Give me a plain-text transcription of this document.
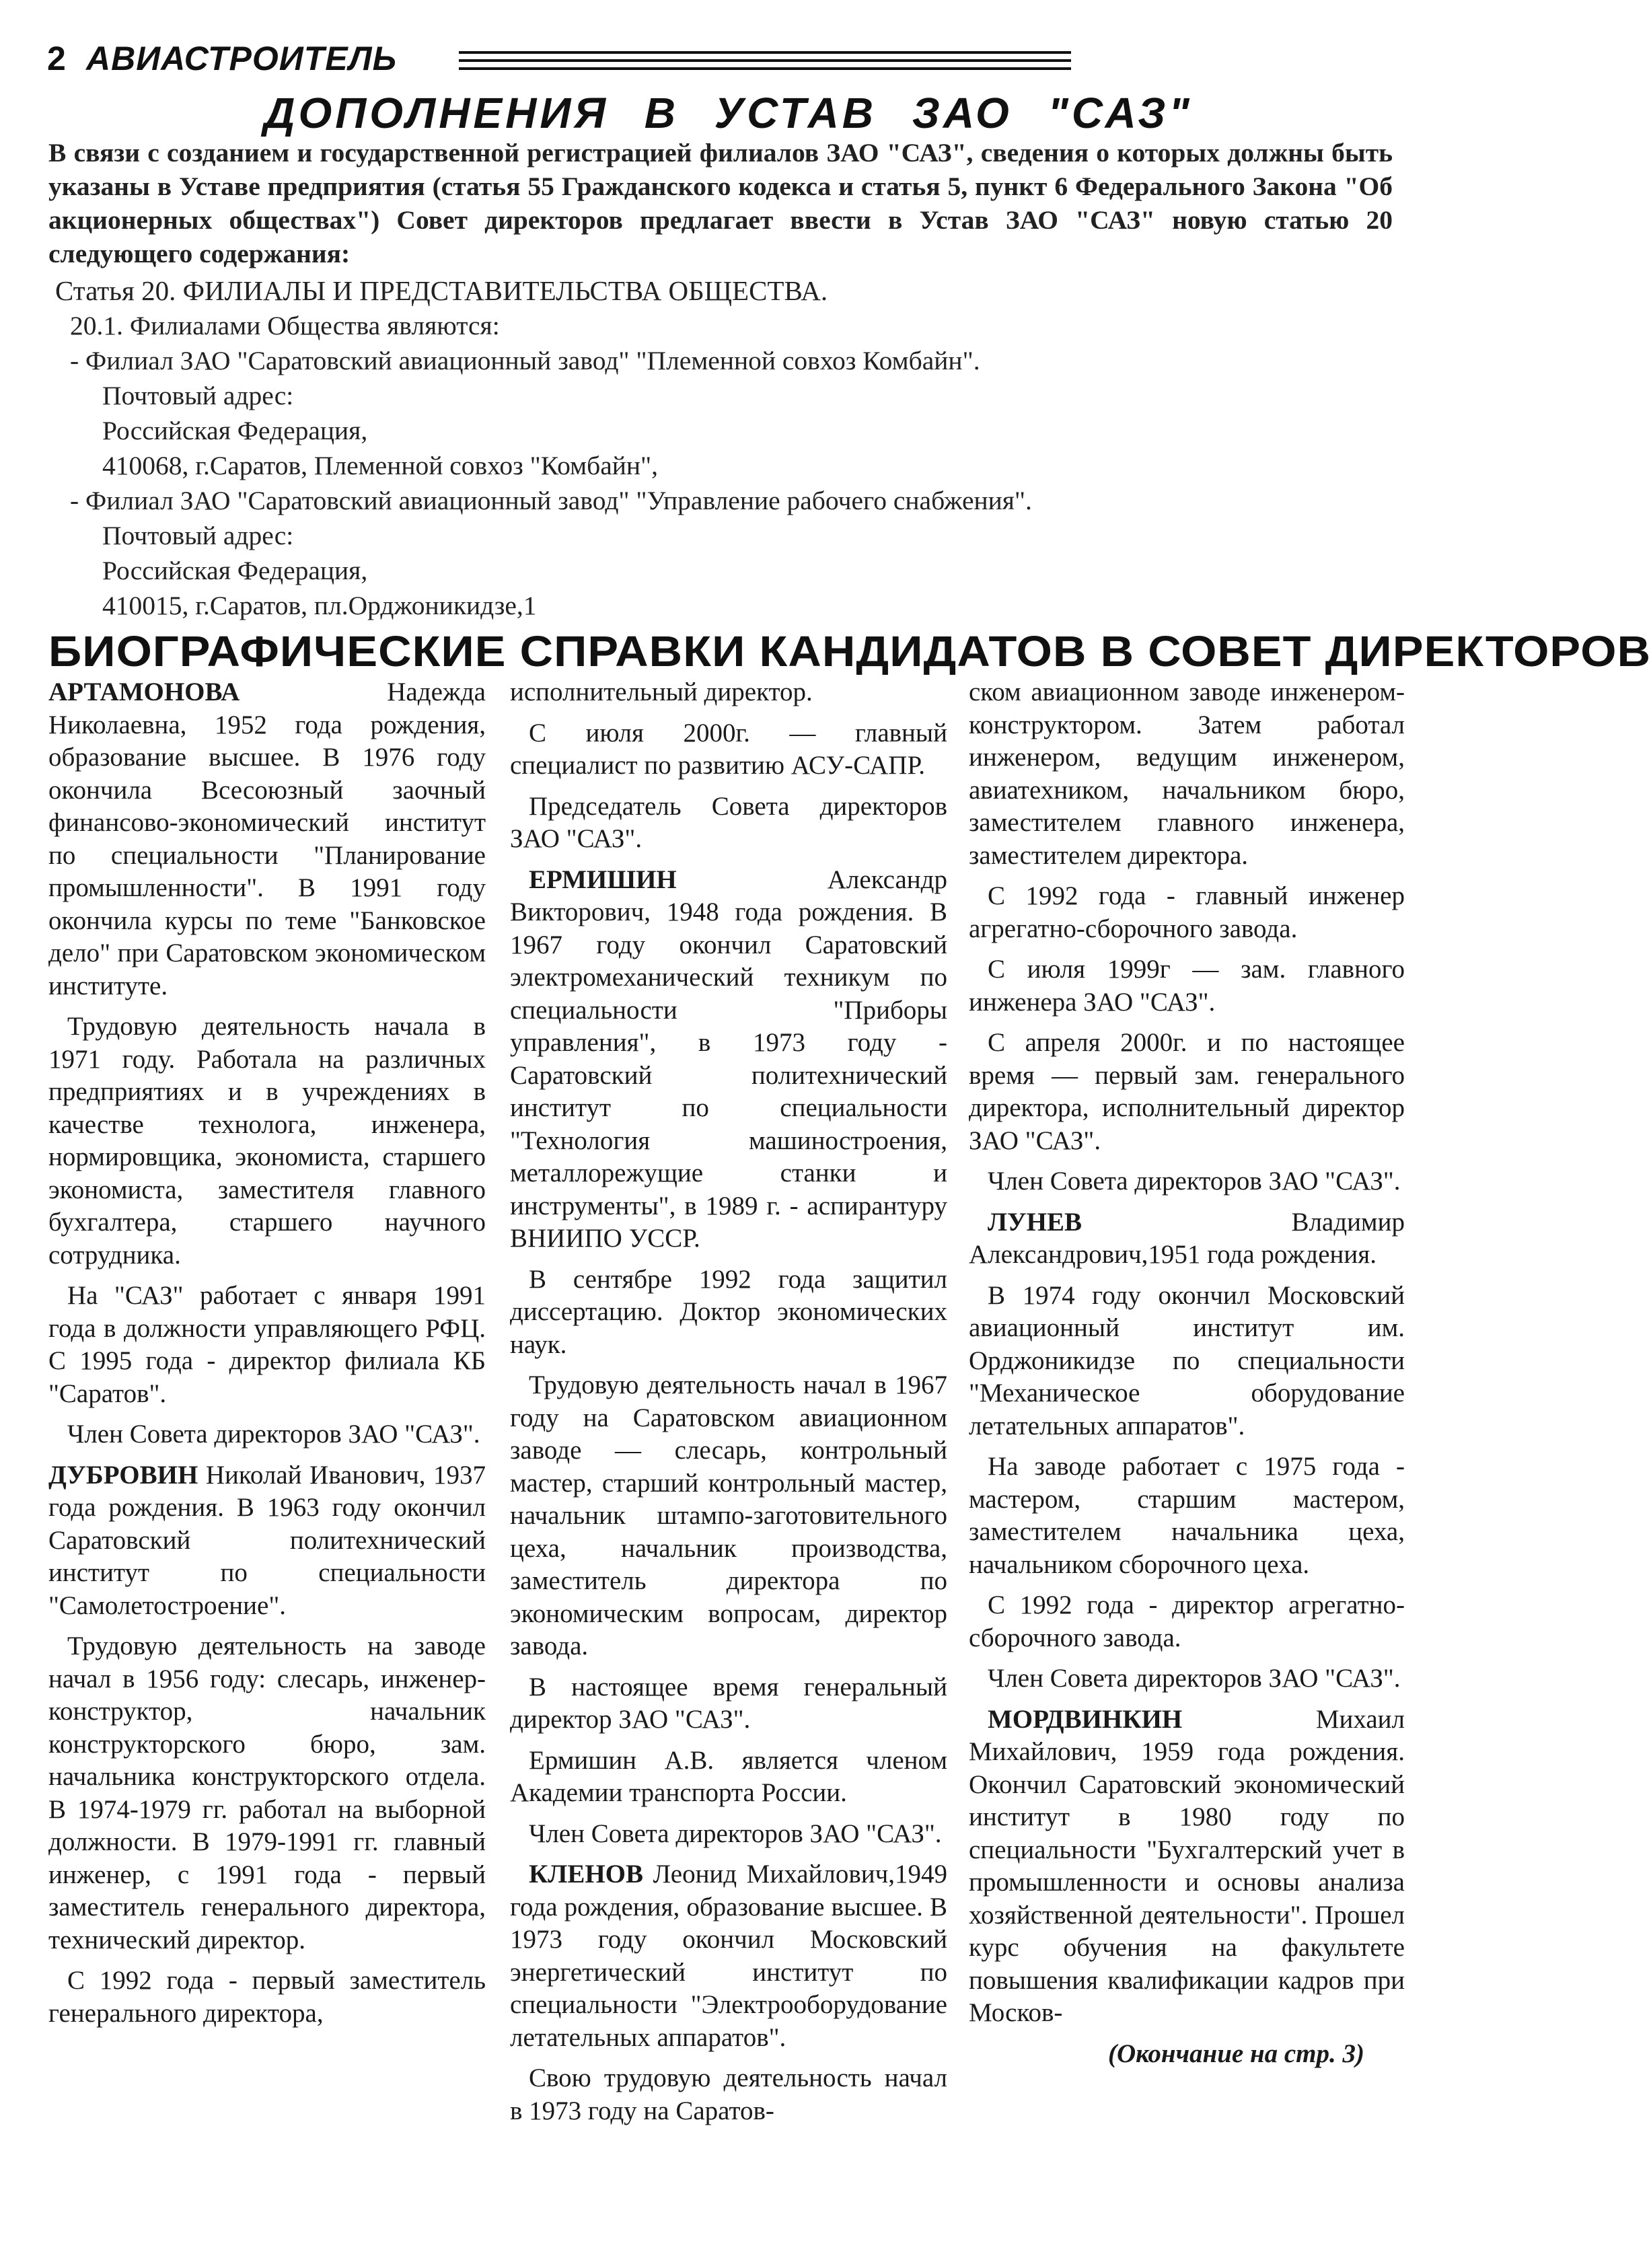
2 АВИАСТРОИТЕЛЬ
ДОПОЛНЕНИЯ В УСТАВ ЗАО "САЗ"
В связи с созданием и государственной регистрацией филиалов ЗАО "САЗ", сведения о которых должны быть указаны в Уставе предприятия (статья 55 Гражданского кодекса и статья 5, пункт 6 Федерального Закона "Об акционерных обществах") Совет директоров предлагает ввести в Устав ЗАО "САЗ" новую статью 20 следующего содержания:
Статья 20. ФИЛИАЛЫ И ПРЕДСТАВИТЕЛЬСТВА ОБЩЕСТВА.
20.1. Филиалами Общества являются:
- Филиал ЗАО "Саратовский авиационный завод" "Племенной совхоз Комбайн".
Почтовый адрес:
Российская Федерация,
410068, г.Саратов, Племенной совхоз "Комбайн",
- Филиал ЗАО "Саратовский авиационный завод" "Управление рабочего снабжения".
Почтовый адрес:
Российская Федерация,
410015, г.Саратов, пл.Орджоникидзе,1
БИОГРАФИЧЕСКИЕ СПРАВКИ КАНДИДАТОВ В СОВЕТ ДИРЕКТОРОВ

АРТАМОНОВА Надежда Николаевна, 1952 года рождения, образование высшее. В 1976 году окончила Всесоюзный заочный финансово-экономический институт по специальности "Планирование промышленности". В 1991 году окончила курсы по теме "Банковское дело" при Саратовском экономическом институте.

Трудовую деятельность начала в 1971 году. Работала на различных предприятиях и в учреждениях в качестве технолога, инженера, нормировщика, экономиста, старшего экономиста, заместителя главного бухгалтера, старшего научного сотрудника.

На "САЗ" работает с января 1991 года в должности управляющего РФЦ. С 1995 года - директор филиала КБ "Саратов".

Член Совета директоров ЗАО "САЗ".

ДУБРОВИН Николай Иванович, 1937 года рождения. В 1963 году окончил Саратовский политехнический институт по специальности "Самолетостроение".

Трудовую деятельность на заводе начал в 1956 году: слесарь, инженер-конструктор, начальник конструкторского бюро, зам. начальника конструкторского отдела. В 1974-1979 гг. работал на выборной должности. В 1979-1991 гг. главный инженер, с 1991 года - первый заместитель генерального директора, технический директор.

С 1992 года - первый заместитель генерального директора,

исполнительный директор.

С июля 2000г. — главный специалист по развитию АСУ-САПР.

Председатель Совета директоров ЗАО "САЗ".

ЕРМИШИН Александр Викторович, 1948 года рождения. В 1967 году окончил Саратовский электромеханический техникум по специальности "Приборы управления", в 1973 году - Саратовский политехнический институт по специальности "Технология машиностроения, металлорежущие станки и инструменты", в 1989 г. - аспирантуру ВНИИПО УССР.

В сентябре 1992 года защитил диссертацию. Доктор экономических наук.

Трудовую деятельность начал в 1967 году на Саратовском авиационном заводе — слесарь, контрольный мастер, старший контрольный мастер, начальник штампо-заготовительного цеха, начальник производства, заместитель директора по экономическим вопросам, директор завода.

В настоящее время генеральный директор ЗАО "САЗ".

Ермишин А.В. является членом Академии транспорта России.

Член Совета директоров ЗАО "САЗ".

КЛЕНОВ Леонид Михайлович,1949 года рождения, образование высшее. В 1973 году окончил Московский энергетический институт по специальности "Электрооборудование летательных аппаратов".

Свою трудовую деятельность начал в 1973 году на Саратов-

ском авиационном заводе инженером-конструктором. Затем работал инженером, ведущим инженером, авиатехником, начальником бюро, заместителем главного инженера, заместителем директора.

С 1992 года - главный инженер агрегатно-сборочного завода.

С июля 1999г — зам. главного инженера ЗАО "САЗ".

С апреля 2000г. и по настоящее время — первый зам. генерального директора, исполнительный директор ЗАО "САЗ".

Член Совета директоров ЗАО "САЗ".

ЛУНЕВ Владимир Александрович,1951 года рождения.

В 1974 году окончил Московский авиационный институт им. Орджоникидзе по специальности "Механическое оборудование летательных аппаратов".

На заводе работает с 1975 года - мастером, старшим мастером, заместителем начальника цеха, начальником сборочного цеха.

С 1992 года - директор агрегатно-сборочного завода.

Член Совета директоров ЗАО "САЗ".

МОРДВИНКИН Михаил Михайлович, 1959 года рождения. Окончил Саратовский экономический институт в 1980 году по специальности "Бухгалтерский учет в промышленности и основы анализа хозяйственной деятельности". Прошел курс обучения на факультете повышения квалификации кадров при Москов-

(Окончание на стр. 3)
